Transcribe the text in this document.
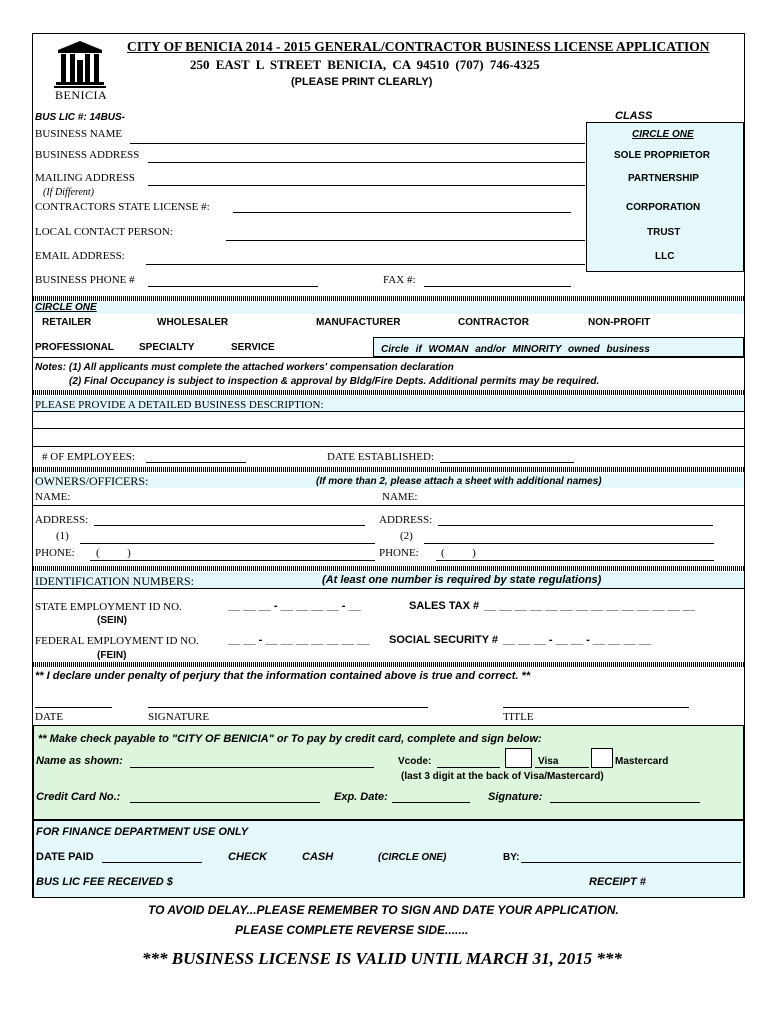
BENICIA
CITY OF BENICIA 2014 - 2015 GENERAL/CONTRACTOR BUSINESS LICENSE APPLICATION
250 EAST L STREET BENICIA, CA 94510 (707) 746-4325
(PLEASE PRINT CLEARLY)
BUS LIC #: 14BUS-	CLASS
CIRCLE ONE
SOLE PROPRIETOR
PARTNERSHIP
CORPORATION
TRUST
LLC
BUSINESS NAME
BUSINESS ADDRESS
MAILING ADDRESS
(If Different)
CONTRACTORS STATE LICENSE #:
LOCAL CONTACT PERSON:
EMAIL ADDRESS:
BUSINESS PHONE #	FAX #:
CIRCLE ONE
RETAILER	WHOLESALER	MANUFACTURER	CONTRACTOR	NON-PROFIT
PROFESSIONAL	SPECIALTY	SERVICE	Circle if WOMAN and/or MINORITY owned business
Notes: (1) All applicants must complete the attached workers' compensation declaration
(2) Final Occupancy is subject to inspection & approval by Bldg/Fire Depts. Additional permits may be required.
PLEASE PROVIDE A DETAILED BUSINESS DESCRIPTION:
# OF EMPLOYEES:	DATE ESTABLISHED:
OWNERS/OFFICERS:	(If more than 2, please attach a sheet with additional names)
NAME:	NAME:
ADDRESS:	ADDRESS:
(1)	(2)
PHONE: (          )	PHONE: (          )
IDENTIFICATION NUMBERS:	(At least one number is required by state regulations)
STATE EMPLOYMENT ID NO.	__ __ __ - __ __ __ __ - __
(SEIN)
SALES TAX # __ __ __ __ __ __ __ __ __ __ __ __ __ __
FEDERAL EMPLOYMENT ID NO.	__ __ - __ __ __ __ __ __ __
(FEIN)
SOCIAL SECURITY # __ __ __ - __ __ - __ __ __ __
** I declare under penalty of perjury that the information contained above is true and correct. **
DATE	SIGNATURE	TITLE
** Make check payable to "CITY OF BENICIA" or To pay by credit card, complete and sign below:
Name as shown:	Vcode:	Visa	Mastercard
(last 3 digit at the back of Visa/Mastercard)
Credit Card No.:	Exp. Date:	Signature:
FOR FINANCE DEPARTMENT USE ONLY
DATE PAID	CHECK	CASH	(CIRCLE ONE)	BY:
BUS LIC FEE RECEIVED $	RECEIPT #
TO AVOID DELAY...PLEASE REMEMBER TO SIGN AND DATE YOUR APPLICATION.
PLEASE COMPLETE REVERSE SIDE.......
*** BUSINESS LICENSE IS VALID UNTIL MARCH 31, 2015 ***
